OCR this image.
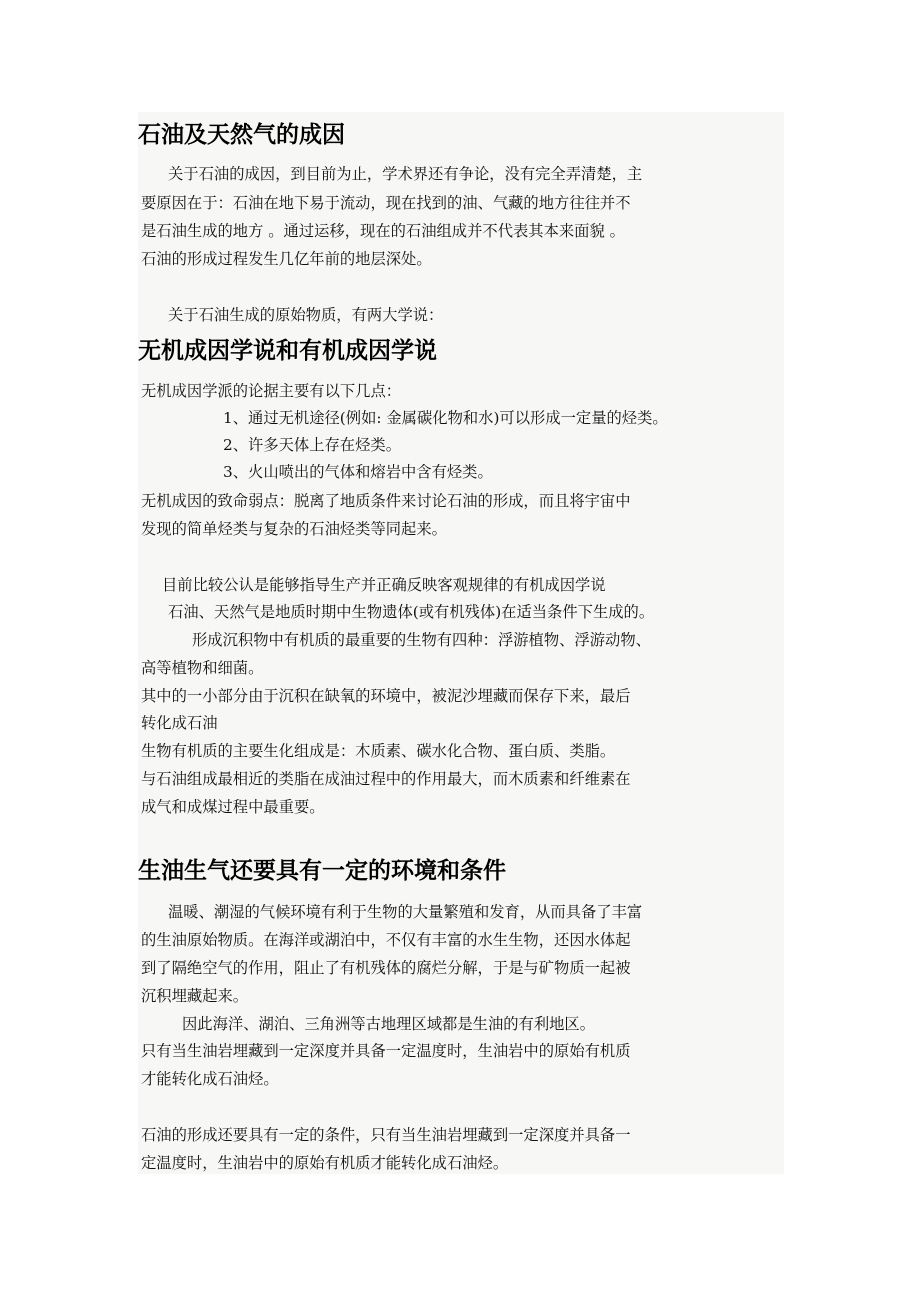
石油及天然气的成因
关于石油的成因，到目前为止，学术界还有争论，没有完全弄清楚，主
要原因在于：石油在地下易于流动，现在找到的油、气藏的地方往往并不
是石油生成的地方 。通过运移，现在的石油组成并不代表其本来面貌 。
石油的形成过程发生几亿年前的地层深处。
关于石油生成的原始物质，有两大学说：
无机成因学说和有机成因学说
无机成因学派的论据主要有以下几点：
1、通过无机途径(例如: 金属碳化物和水)可以形成一定量的烃类。
2、许多天体上存在烃类。
3、火山喷出的气体和熔岩中含有烃类。
无机成因的致命弱点：脱离了地质条件来讨论石油的形成，而且将宇宙中
发现的简单烃类与复杂的石油烃类等同起来。
目前比较公认是能够指导生产并正确反映客观规律的有机成因学说
石油、天然气是地质时期中生物遗体(或有机残体)在适当条件下生成的。
形成沉积物中有机质的最重要的生物有四种：浮游植物、浮游动物、
高等植物和细菌。
其中的一小部分由于沉积在缺氧的环境中，被泥沙埋藏而保存下来，最后
转化成石油
生物有机质的主要生化组成是：木质素、碳水化合物、蛋白质、类脂。
与石油组成最相近的类脂在成油过程中的作用最大，而木质素和纤维素在
成气和成煤过程中最重要。
生油生气还要具有一定的环境和条件
温暖、潮湿的气候环境有利于生物的大量繁殖和发育，从而具备了丰富
的生油原始物质。在海洋或湖泊中，不仅有丰富的水生生物，还因水体起
到了隔绝空气的作用，阻止了有机残体的腐烂分解，于是与矿物质一起被
沉积埋藏起来。
因此海洋、湖泊、三角洲等古地理区域都是生油的有利地区。
只有当生油岩埋藏到一定深度并具备一定温度时，生油岩中的原始有机质
才能转化成石油烃。
石油的形成还要具有一定的条件，只有当生油岩埋藏到一定深度并具备一
定温度时，生油岩中的原始有机质才能转化成石油烃。
